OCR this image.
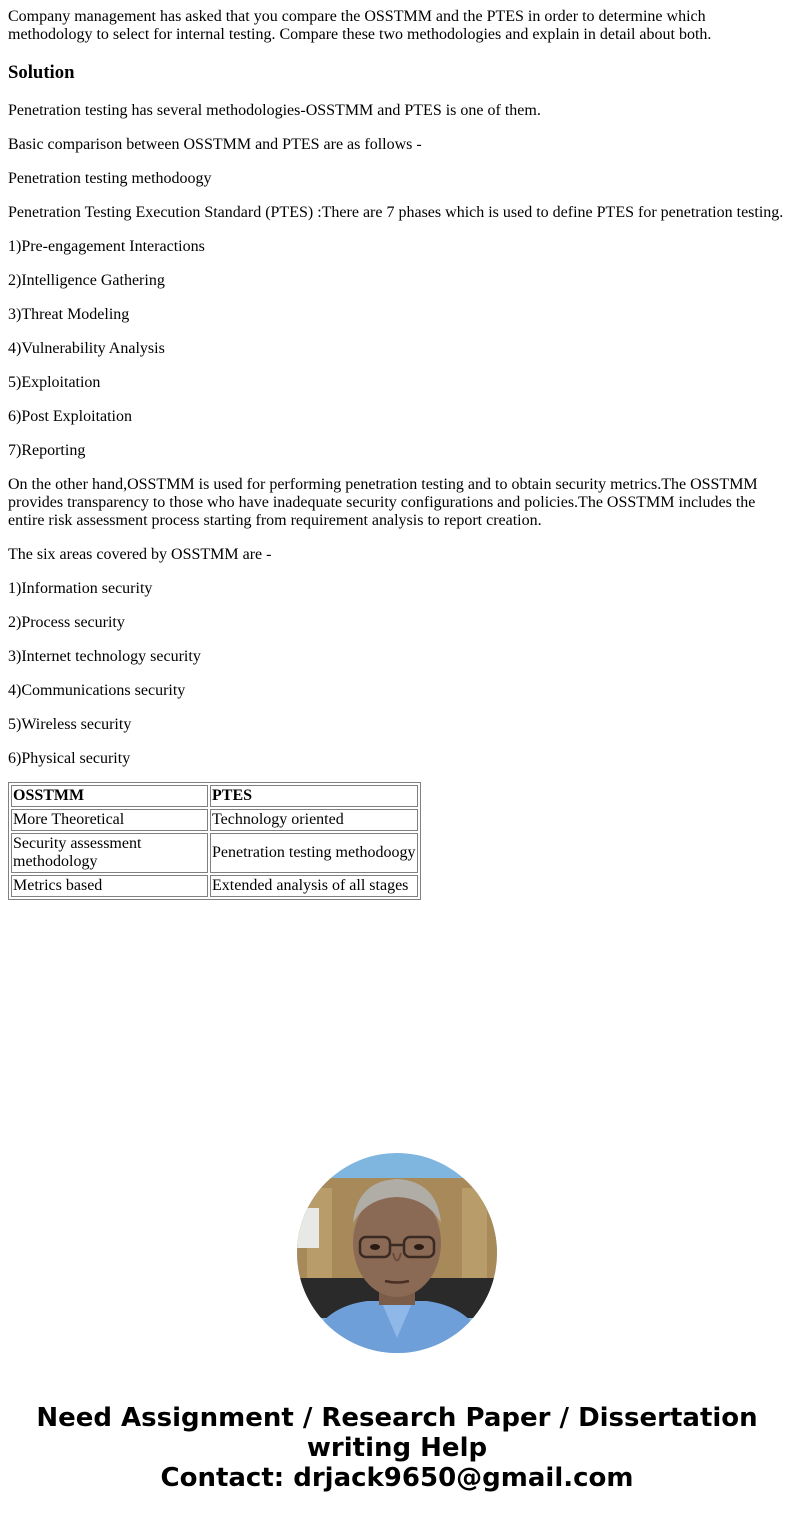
Company management has asked that you compare the OSSTMM and the PTES in order to determine which methodology to select for internal testing. Compare these two methodologies and explain in detail about both.

Solution

Penetration testing has several methodologies-OSSTMM and PTES is one of them.

Basic comparison between OSSTMM and PTES are as follows -

Penetration testing methodoogy

Penetration Testing Execution Standard (PTES) :There are 7 phases which is used to define PTES for penetration testing.

1)Pre-engagement Interactions

2)Intelligence Gathering

3)Threat Modeling

4)Vulnerability Analysis

5)Exploitation

6)Post Exploitation

7)Reporting

On the other hand,OSSTMM is used for performing penetration testing and to obtain security metrics.The OSSTMM provides transparency to those who have inadequate security configurations and policies.The OSSTMM includes the entire risk assessment process starting from requirement analysis to report creation.

The six areas covered by OSSTMM are -

1)Information security

2)Process security

3)Internet technology security

4)Communications security

5)Wireless security

6)Physical security

OSSTMM	PTES
More Theoretical	Technology oriented
Security assessment methodology	Penetration testing methodoogy
Metrics based	Extended analysis of all stages
Need Assignment / Research Paper / Dissertation
writing Help
Contact: drjack9650@gmail.com
